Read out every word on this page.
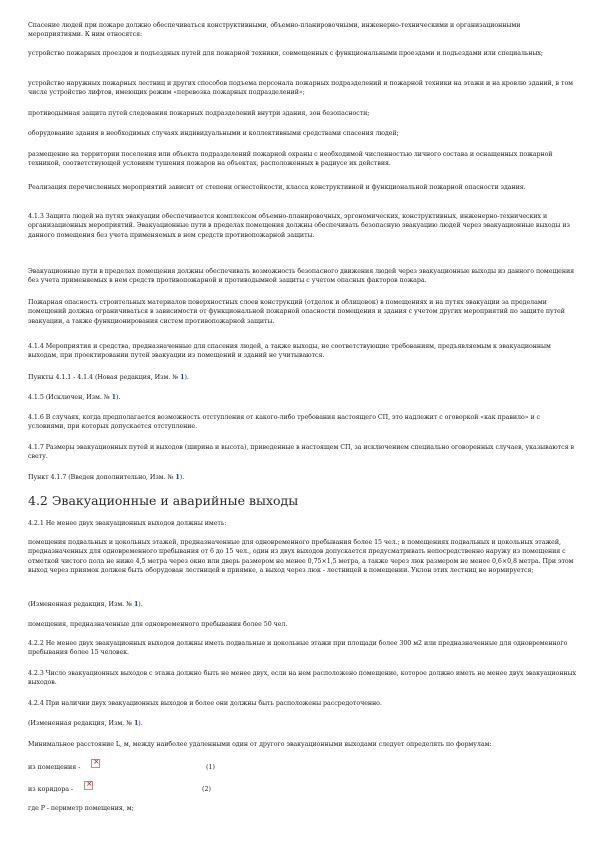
Спасение людей при пожаре должно обеспечиваться конструктивными, объемно-планировочными, инженерно-техническими и организационными мероприятиями. К ним относятся:

устройство пожарных проездов и подъездных путей для пожарной техники, совмещенных с функциональными проездами и подъездами или специальных;

устройство наружных пожарных лестниц и других способов подъема персонала пожарных подразделений и пожарной техники на этажи и на кровлю зданий, в том числе устройство лифтов, имеющих режим «перевозка пожарных подразделений»;

противодымная защита путей следования пожарных подразделений внутри здания, зон безопасности;

оборудование здания в необходимых случаях индивидуальными и коллективными средствами спасения людей;

размещение на территории поселения или объекта подразделений пожарной охраны с необходимой численностью личного состава и оснащенных пожарной техникой, соответствующей условиям тушения пожаров на объектах, расположенных в радиусе их действия.

Реализация перечисленных мероприятий зависит от степени огнестойкости, класса конструктивной и функциональной пожарной опасности здания.

4.1.3 Защита людей на путях эвакуации обеспечивается комплексом объемно-планировочных, эргономических, конструктивных, инженерно-технических и организационных мероприятий. Эвакуационные пути в пределах помещения должны обеспечивать безопасную эвакуацию людей через эвакуационные выходы из данного помещения без учета применяемых в нем средств противопожарной защиты.

Эвакуационные пути в пределах помещения должны обеспечивать возможность безопасного движения людей через эвакуационные выходы из данного помещения без учета применяемых в нем средств противопожарной и противодымной защиты с учетом опасных факторов пожара.

Пожарная опасность строительных материалов поверхностных слоев конструкций (отделок и облицовок) в помещениях и на путях эвакуации за пределами помещений должна ограничиваться в зависимости от функциональной пожарной опасности помещения и здания с учетом других мероприятий по защите путей эвакуации, а также функционирования систем противопожарной защиты.

4.1.4 Мероприятия и средства, предназначенные для спасения людей, а также выходы, не соответствующие требованиям, предъявляемым к эвакуационным выходам, при проектировании путей эвакуации из помещений и зданий не учитываются.

Пункты 4.1.1 - 4.1.4 (Новая редакция, Изм. № 1).

4.1.5 (Исключен, Изм. № 1).

4.1.6 В случаях, когда предполагается возможность отступления от какого-либо требования настоящего СП, это надлежит с оговоркой «как правило» и с условиями, при которых допускается отступление.

4.1.7 Размеры эвакуационных путей и выходов (ширина и высота), приведенные в настоящем СП, за исключением специально оговоренных случаев, указываются в свету.

Пункт 4.1.7 (Введен дополнительно, Изм. № 1).

4.2 Эвакуационные и аварийные выходы

4.2.1 Не менее двух эвакуационных выходов должны иметь:

помещения подвальных и цокольных этажей, предназначенные для одновременного пребывания более 15 чел.; в помещениях подвальных и цокольных этажей, предназначенных для одновременного пребывания от 6 до 15 чел., один из двух выходов допускается предусматривать непосредственно наружу из помещения с отметкой чистого пола не ниже 4,5 метра через окно или дверь размером не менее 0,75×1,5 метра, а также через люк размером не менее 0,6×0,8 метра. При этом выход через приямок должен быть оборудован лестницей в приямке, а выход через люк - лестницей в помещении. Уклон этих лестниц не нормируется;

(Измененная редакция, Изм. № 1).

помещения, предназначенные для одновременного пребывания более 50 чел.

4.2.2 Не менее двух эвакуационных выходов должны иметь подвальные и цокольные этажи при площади более 300 м2 или предназначенные для одновременного пребывания более 15 человек.

4.2.3 Число эвакуационных выходов с этажа должно быть не менее двух, если на нем расположено помещение, которое должно иметь не менее двух эвакуационных выходов.

4.2.4 При наличии двух эвакуационных выходов и более они должны быть расположены рассредоточенно.

(Измененная редакция, Изм. № 1).

Минимальное расстояние L, м, между наиболее удаленными один от другого эвакуационными выходами следует определять по формулам:

из помещения - ×	(1)
из коридора - ×	(2)

где P - периметр помещения, м;
